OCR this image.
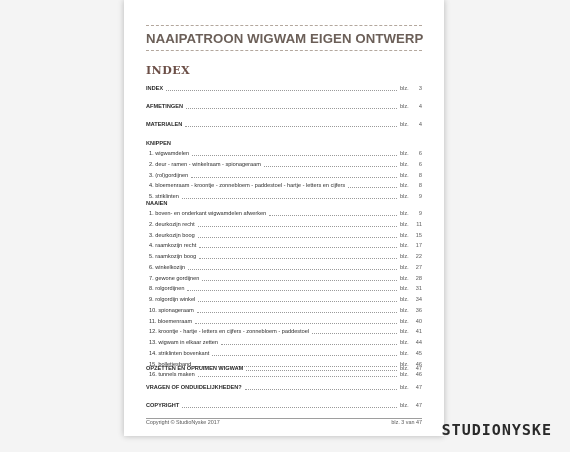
NAAIPATROON WIGWAM EIGEN ONTWERP
INDEX
INDEX	blz.	3
AFMETINGEN	blz.	4
MATERIALEN	blz.	4
KNIPPEN
1. wigwamdelen	blz.	6
2. deur - ramen - winkelraam - spionageraam	blz.	6
3. (rol)gordijnen	blz.	8
4. bloemenraam - kroontje - zonnebloem - paddestoel - hartje - letters en cijfers	blz.	8
5. striklinten	blz.	9
NAAIEN
1. boven- en onderkant wigwamdelen afwerken	blz.	9
2. deurkozijn recht	blz.	11
3. deurkozijn boog	blz.	15
4. raamkozijn recht	blz.	17
5. raamkozijn boog	blz.	22
6. winkelkozijn	blz.	27
7. gewone gordijnen	blz.	28
8. rolgordijnen	blz.	31
9. rolgordijn winkel	blz.	34
10. spionageraam	blz.	36
11. bloemenraam	blz.	40
12. kroontje - hartje - letters en cijfers - zonnebloem - paddestoel	blz.	41
13. wigwam in elkaar zetten	blz.	44
14. striklinten bovenkant	blz.	45
15. bolletjesband	blz.	46
16. tunnels maken	blz.	46
OPZETTEN EN OPRUIMEN WIGWAM	blz.	47
VRAGEN OF ONDUIDELIJKHEDEN?	blz.	47
COPYRIGHT	blz.	47
Copyright © StudioNyske 2017	blz. 3 van 47 STUDIONYSKE
